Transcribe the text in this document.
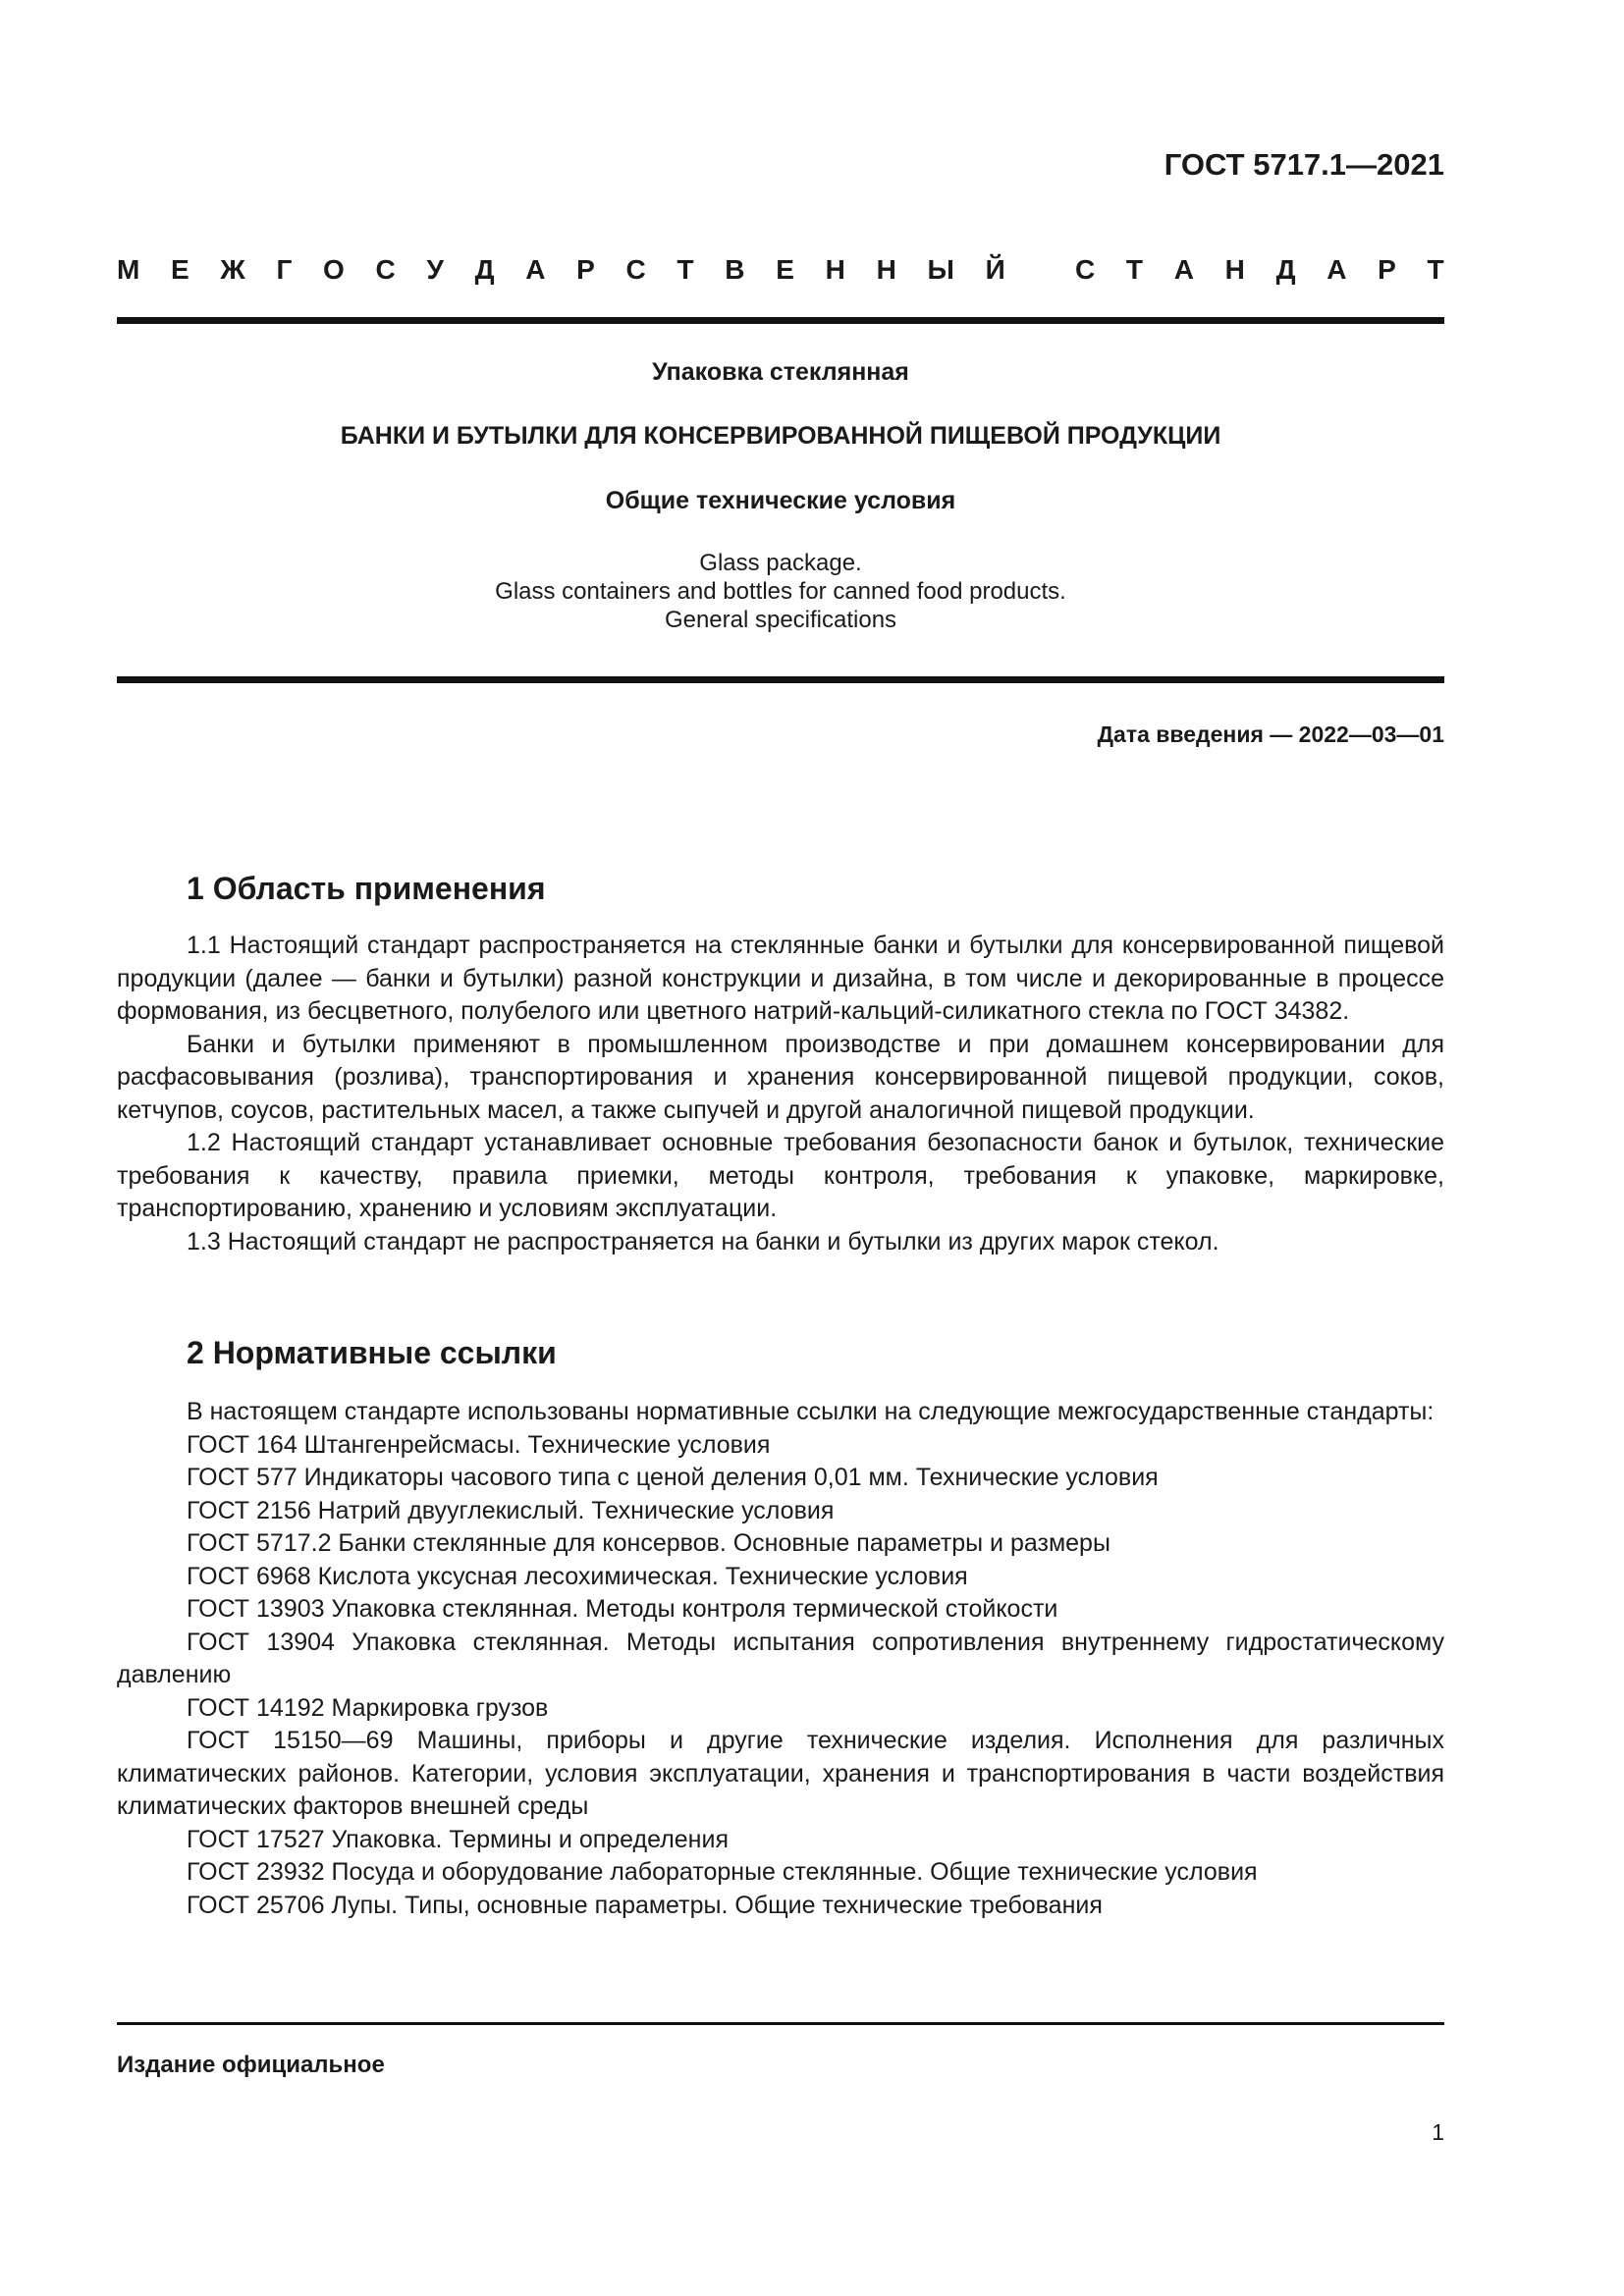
ГОСТ 5717.1—2021
М Е Ж Г О С У Д А Р С Т В Е Н Н Ы Й
	С Т А Н Д А Р Т
Упаковка стеклянная
БАНКИ И БУТЫЛКИ ДЛЯ КОНСЕРВИРОВАННОЙ ПИЩЕВОЙ ПРОДУКЦИИ
Общие технические условия
Glass package.
Glass containers and bottles for canned food products.
General specifications
Дата введения — 2022—03—01
1 Область применения

1.1 Настоящий стандарт распространяется на стеклянные банки и бутылки для консервированной пищевой продукции (далее — банки и бутылки) разной конструкции и дизайна, в том числе и декорированные в процессе формования, из бесцветного, полубелого или цветного натрий-кальций-силикатного стекла по ГОСТ 34382.

Банки и бутылки применяют в промышленном производстве и при домашнем консервировании для расфасовывания (розлива), транспортирования и хранения консервированной пищевой продукции, соков, кетчупов, соусов, растительных масел, а также сыпучей и другой аналогичной пищевой продукции.

1.2 Настоящий стандарт устанавливает основные требования безопасности банок и бутылок, технические требования к качеству, правила приемки, методы контроля, требования к упаковке, маркировке, транспортированию, хранению и условиям эксплуатации.

1.3 Настоящий стандарт не распространяется на банки и бутылки из других марок стекол.

2 Нормативные ссылки

В настоящем стандарте использованы нормативные ссылки на следующие межгосударственные стандарты:

ГОСТ 164 Штангенрейсмасы. Технические условия

ГОСТ 577 Индикаторы часового типа с ценой деления 0,01 мм. Технические условия

ГОСТ 2156 Натрий двууглекислый. Технические условия

ГОСТ 5717.2 Банки стеклянные для консервов. Основные параметры и размеры

ГОСТ 6968 Кислота уксусная лесохимическая. Технические условия

ГОСТ 13903 Упаковка стеклянная. Методы контроля термической стойкости

ГОСТ 13904 Упаковка стеклянная. Методы испытания сопротивления внутреннему гидростатическому давлению

ГОСТ 14192 Маркировка грузов

ГОСТ 15150—69 Машины, приборы и другие технические изделия. Исполнения для различных климатических районов. Категории, условия эксплуатации, хранения и транспортирования в части воздействия климатических факторов внешней среды

ГОСТ 17527 Упаковка. Термины и определения

ГОСТ 23932 Посуда и оборудование лабораторные стеклянные. Общие технические условия

ГОСТ 25706 Лупы. Типы, основные параметры. Общие технические требования

Издание официальное
1
